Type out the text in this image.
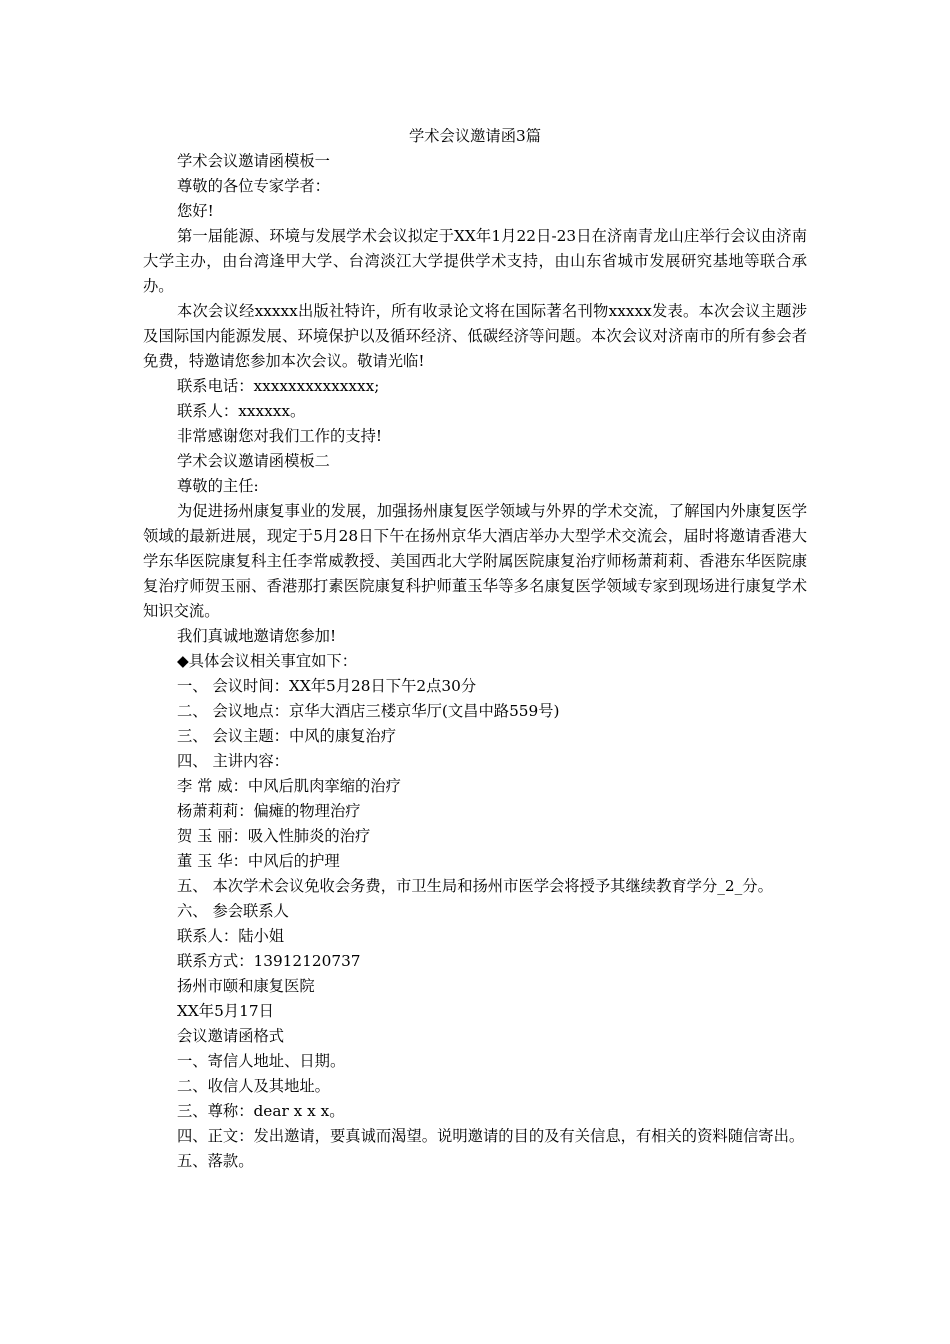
学术会议邀请函3篇

学术会议邀请函模板一

尊敬的各位专家学者：

您好!

第一届能源、环境与发展学术会议拟定于XX年1月22日-23日在济南青龙山庄举行会议由济南大学主办，由台湾逢甲大学、台湾淡江大学提供学术支持，由山东省城市发展研究基地等联合承办。

本次会议经xxxxx出版社特许，所有收录论文将在国际著名刊物xxxxx发表。本次会议主题涉及国际国内能源发展、环境保护以及循环经济、低碳经济等问题。本次会议对济南市的所有参会者免费，特邀请您参加本次会议。敬请光临!

联系电话：xxxxxxxxxxxxxx;

联系人：xxxxxx。

非常感谢您对我们工作的支持!

学术会议邀请函模板二

尊敬的主任:

为促进扬州康复事业的发展，加强扬州康复医学领域与外界的学术交流，了解国内外康复医学领域的最新进展，现定于5月28日下午在扬州京华大酒店举办大型学术交流会，届时将邀请香港大学东华医院康复科主任李常威教授、美国西北大学附属医院康复治疗师杨萧莉莉、香港东华医院康复治疗师贺玉丽、香港那打素医院康复科护师董玉华等多名康复医学领域专家到现场进行康复学术知识交流。

我们真诚地邀请您参加!

◆具体会议相关事宜如下：

一、 会议时间：XX年5月28日下午2点30分

二、 会议地点：京华大酒店三楼京华厅(文昌中路559号)

三、 会议主题：中风的康复治疗

四、 主讲内容：

李 常 威：中风后肌肉挛缩的治疗

杨萧莉莉：偏瘫的物理治疗

贺 玉 丽：吸入性肺炎的治疗

董 玉 华：中风后的护理

五、 本次学术会议免收会务费，市卫生局和扬州市医学会将授予其继续教育学分_2_分。

六、 参会联系人

联系人：陆小姐

联系方式：13912120737

扬州市颐和康复医院

XX年5月17日

会议邀请函格式

一、寄信人地址、日期。

二、收信人及其地址。

三、尊称：dear x x x。

四、正文：发出邀请，要真诚而渴望。说明邀请的目的及有关信息，有相关的资料随信寄出。

五、落款。
